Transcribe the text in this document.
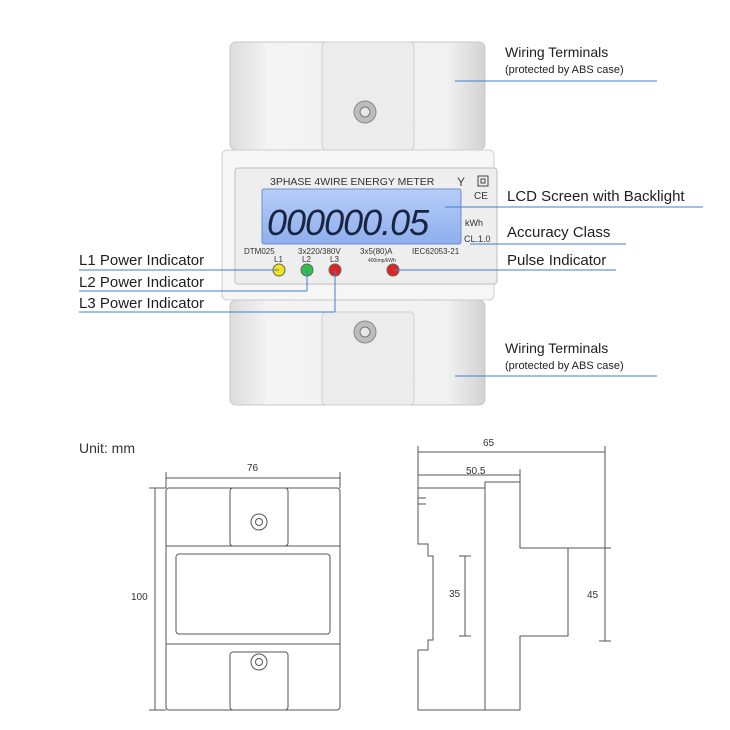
3PHASE 4WIRE ENERGY METER Y
CE
000000.05	kWh
CL.1.0
DTM025	3x220/380V 3x5(80)A IEC62053-21
400imp/kWh
L1 L2 L3
Wiring Terminals
(protected by ABS case)
LCD Screen with Backlight
Accuracy Class
Pulse Indicator
L1 Power Indicator
L2 Power Indicator
L3 Power Indicator
Wiring Terminals
(protected by ABS case)
Unit: mm
76
100
65
50.5
35	45
